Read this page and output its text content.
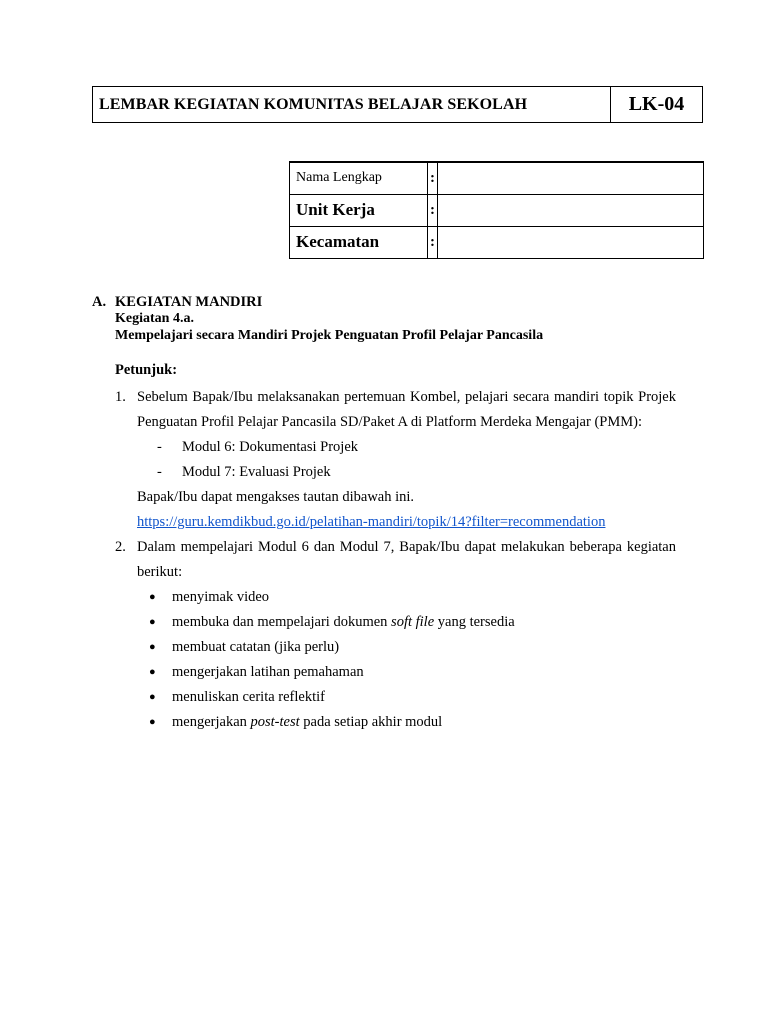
LEMBAR KEGIATAN KOMUNITAS BELAJAR SEKOLAH	LK-04
Nama Lengkap	:	
Unit Kerja	:	
Kecamatan	:	
A. KEGIATAN MANDIRI
Kegiatan 4.a.
Mempelajari secara Mandiri Projek Penguatan Profil Pelajar Pancasila
Petunjuk:
1. Sebelum Bapak/Ibu melaksanakan pertemuan Kombel, pelajari secara mandiri topik Projek Penguatan Profil Pelajar Pancasila SD/Paket A di Platform Merdeka Mengajar (PMM):
-	Modul 6: Dokumentasi Projek
-	Modul 7: Evaluasi Projek
Bapak/Ibu dapat mengakses tautan dibawah ini.
https://guru.kemdikbud.go.id/pelatihan-mandiri/topik/14?filter=recommendation
2. Dalam mempelajari Modul 6 dan Modul 7, Bapak/Ibu dapat melakukan beberapa kegiatan berikut:
●	menyimak video
●	membuka dan mempelajari dokumen soft file yang tersedia
●	membuat catatan (jika perlu)
●	mengerjakan latihan pemahaman
●	menuliskan cerita reflektif
●	mengerjakan post-test pada setiap akhir modul
